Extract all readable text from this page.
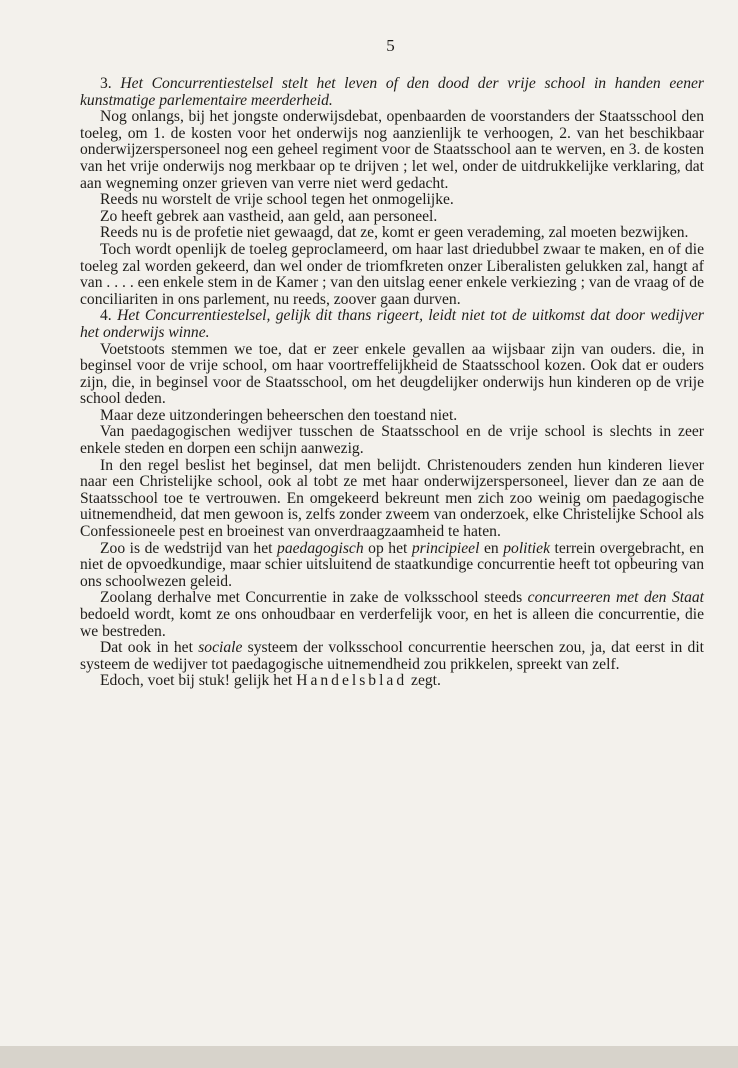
5

3. Het Concurrentiestelsel stelt het leven of den dood der vrije school in handen eener kunstmatige parlementaire meerderheid.

Nog onlangs, bij het jongste onderwijsdebat, openbaarden de voorstanders der Staatsschool den toeleg, om 1. de kosten voor het onderwijs nog aanzienlijk te verhoogen, 2. van het beschikbaar onderwijzerspersoneel nog een geheel regiment voor de Staatsschool aan te werven, en 3. de kosten van het vrije onderwijs nog merkbaar op te drijven ; let wel, onder de uitdrukkelijke verklaring, dat aan wegneming onzer grieven van verre niet werd gedacht.

Reeds nu worstelt de vrije school tegen het onmogelijke.

Zo heeft gebrek aan vastheid, aan geld, aan personeel.

Reeds nu is de profetie niet gewaagd, dat ze, komt er geen verademing, zal moeten bezwijken.

Toch wordt openlijk de toeleg geproclameerd, om haar last driedubbel zwaar te maken, en of die toeleg zal worden gekeerd, dan wel onder de triomfkreten onzer Liberalisten gelukken zal, hangt af van . . . . een enkele stem in de Kamer ; van den uitslag eener enkele verkiezing ; van de vraag of de conciliariten in ons parlement, nu reeds, zoover gaan durven.

4. Het Concurrentiestelsel, gelijk dit thans rigeert, leidt niet tot de uitkomst dat door wedijver het onderwijs winne.

Voetstoots stemmen we toe, dat er zeer enkele gevallen aa wijsbaar zijn van ouders. die, in beginsel voor de vrije school, om haar voortreffelijkheid de Staatsschool kozen. Ook dat er ouders zijn, die, in beginsel voor de Staatsschool, om het deugdelijker onderwijs hun kinderen op de vrije school deden.

Maar deze uitzonderingen beheerschen den toestand niet.

Van paedagogischen wedijver tusschen de Staatsschool en de vrije school is slechts in zeer enkele steden en dorpen een schijn aanwezig.

In den regel beslist het beginsel, dat men belijdt. Christenouders zenden hun kinderen liever naar een Christelijke school, ook al tobt ze met haar onderwijzerspersoneel, liever dan ze aan de Staatsschool toe te vertrouwen. En omgekeerd bekreunt men zich zoo weinig om paedagogische uitnemendheid, dat men gewoon is, zelfs zonder zweem van onderzoek, elke Christelijke School als Confessioneele pest en broeinest van onverdraagzaamheid te haten.

Zoo is de wedstrijd van het paedagogisch op het principieel en politiek terrein overgebracht, en niet de opvoedkundige, maar schier uitsluitend de staatkundige concurrentie heeft tot opbeuring van ons schoolwezen geleid.

Zoolang derhalve met Concurrentie in zake de volksschool steeds concurreeren met den Staat bedoeld wordt, komt ze ons onhoudbaar en verderfelijk voor, en het is alleen die concurrentie, die we bestreden.

Dat ook in het sociale systeem der volksschool concurrentie heerschen zou, ja, dat eerst in dit systeem de wedijver tot paedagogische uitnemendheid zou prikkelen, spreekt van zelf.

Edoch, voet bij stuk! gelijk het Handelsblad zegt.
